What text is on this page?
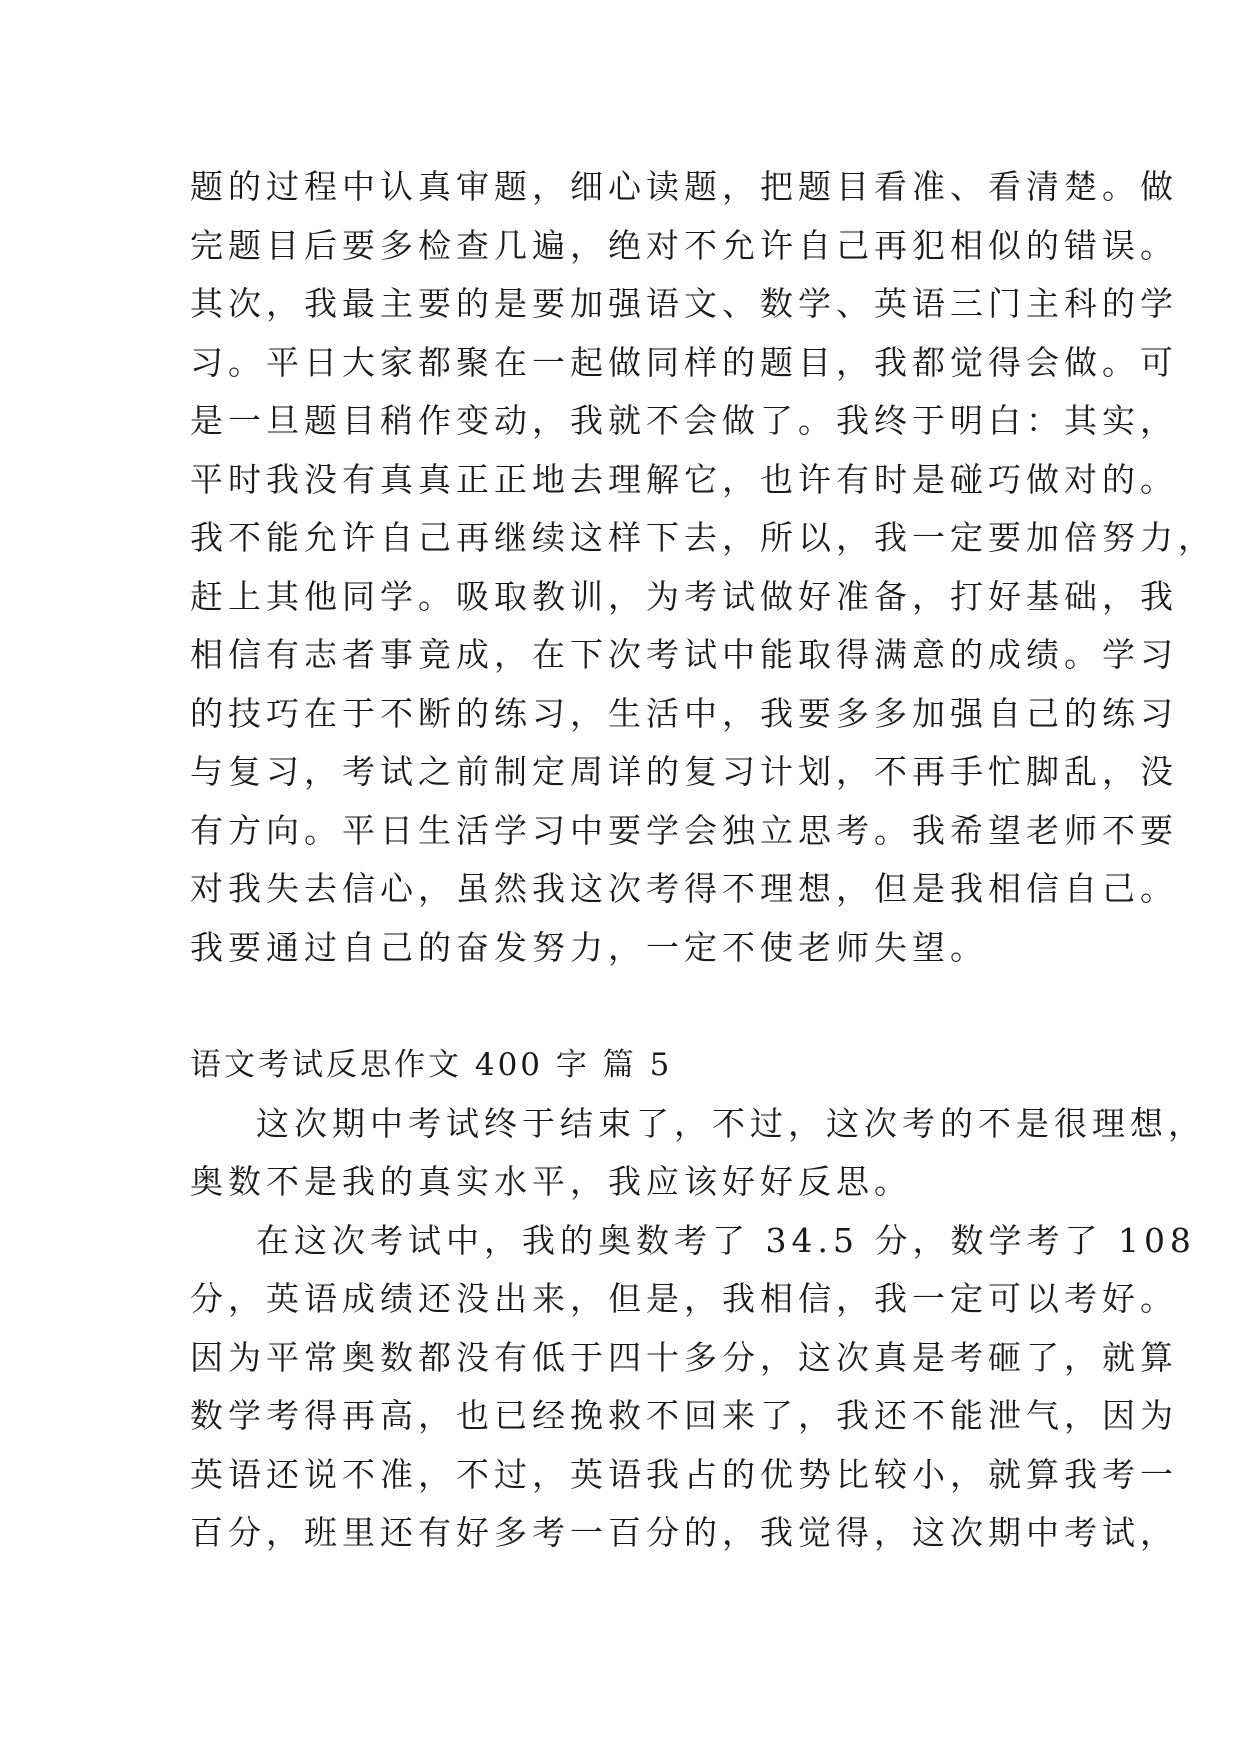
题的过程中认真审题，细心读题，把题目看准、看清楚。做
完题目后要多检查几遍，绝对不允许自己再犯相似的错误。
其次，我最主要的是要加强语文、数学、英语三门主科的学
习。平日大家都聚在一起做同样的题目，我都觉得会做。可
是一旦题目稍作变动，我就不会做了。我终于明白：其实，
平时我没有真真正正地去理解它，也许有时是碰巧做对的。
我不能允许自己再继续这样下去，所以，我一定要加倍努力，
赶上其他同学。吸取教训，为考试做好准备，打好基础，我
相信有志者事竟成，在下次考试中能取得满意的成绩。学习
的技巧在于不断的练习，生活中，我要多多加强自己的练习
与复习，考试之前制定周详的复习计划，不再手忙脚乱，没
有方向。平日生活学习中要学会独立思考。我希望老师不要
对我失去信心，虽然我这次考得不理想，但是我相信自己。
我要通过自己的奋发努力，一定不使老师失望。
语文考试反思作文 400 字 篇 5
这次期中考试终于结束了，不过，这次考的不是很理想，
奥数不是我的真实水平，我应该好好反思。
在这次考试中，我的奥数考了 34.5 分，数学考了 108
分，英语成绩还没出来，但是，我相信，我一定可以考好。
因为平常奥数都没有低于四十多分，这次真是考砸了，就算
数学考得再高，也已经挽救不回来了，我还不能泄气，因为
英语还说不准，不过，英语我占的优势比较小，就算我考一
百分，班里还有好多考一百分的，我觉得，这次期中考试，
